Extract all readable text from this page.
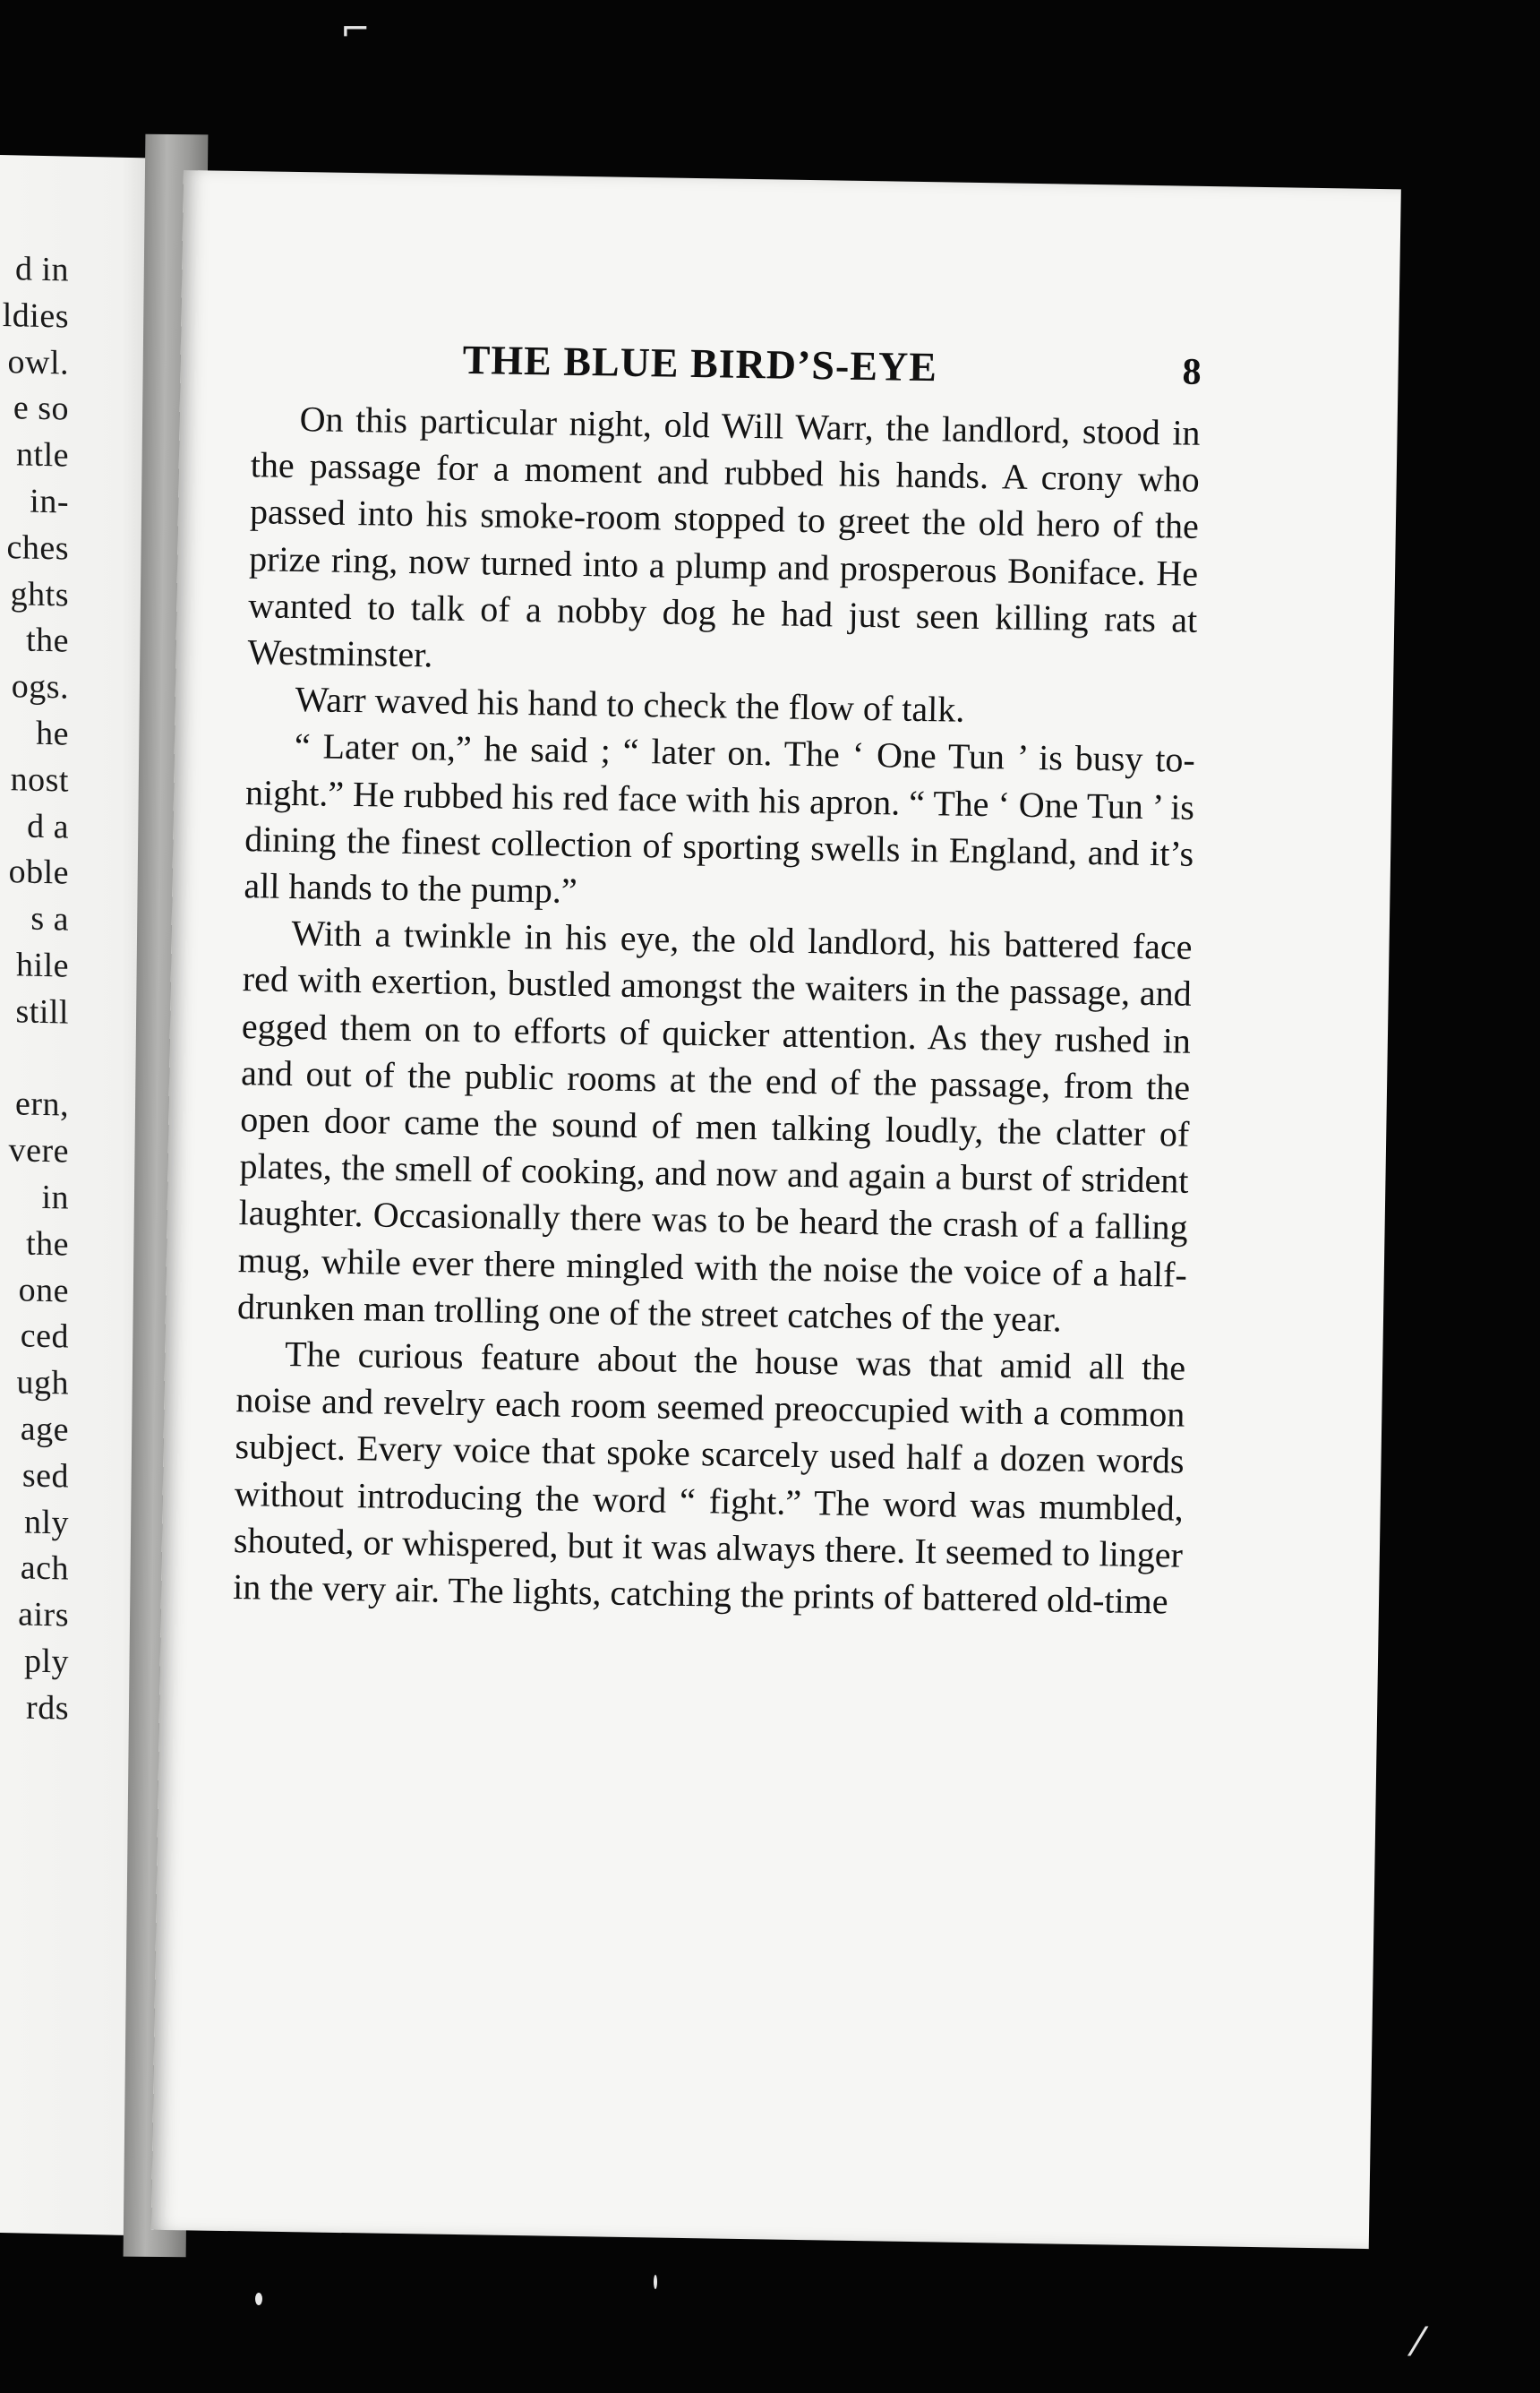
d in
ldies
owl.
e so
ntle
in-
ches
ghts
the
ogs.
he
nost
d a
oble
s a
hile
still
ern,
vere
in
the
one
ced
ugh
age
sed
nly
ach
airs
ply
rds
THE BLUE BIRD’S-EYE	8

On this particular night, old Will Warr, the landlord, stood in the passage for a moment and rubbed his hands. A crony who passed into his smoke-room stopped to greet the old hero of the prize ring, now turned into a plump and prosperous Boniface. He wanted to talk of a nobby dog he had just seen killing rats at Westminster.

Warr waved his hand to check the flow of talk.

“ Later on,” he said ; “ later on. The ‘ One Tun ’ is busy to-night.” He rubbed his red face with his apron. “ The ‘ One Tun ’ is dining the finest collection of sporting swells in England, and it’s all hands to the pump.”

With a twinkle in his eye, the old landlord, his battered face red with exertion, bustled amongst the waiters in the passage, and egged them on to efforts of quicker attention. As they rushed in and out of the public rooms at the end of the passage, from the open door came the sound of men talking loudly, the clatter of plates, the smell of cooking, and now and again a burst of strident laughter. Occasionally there was to be heard the crash of a falling mug, while ever there mingled with the noise the voice of a half-drunken man trolling one of the street catches of the year.

The curious feature about the house was that amid all the noise and revelry each room seemed preoccupied with a common subject. Every voice that spoke scarcely used half a dozen words without introducing the word “ fight.” The word was mumbled, shouted, or whispered, but it was always there. It seemed to linger in the very air. The lights, catching the prints of battered old-time

⌐
⁄
